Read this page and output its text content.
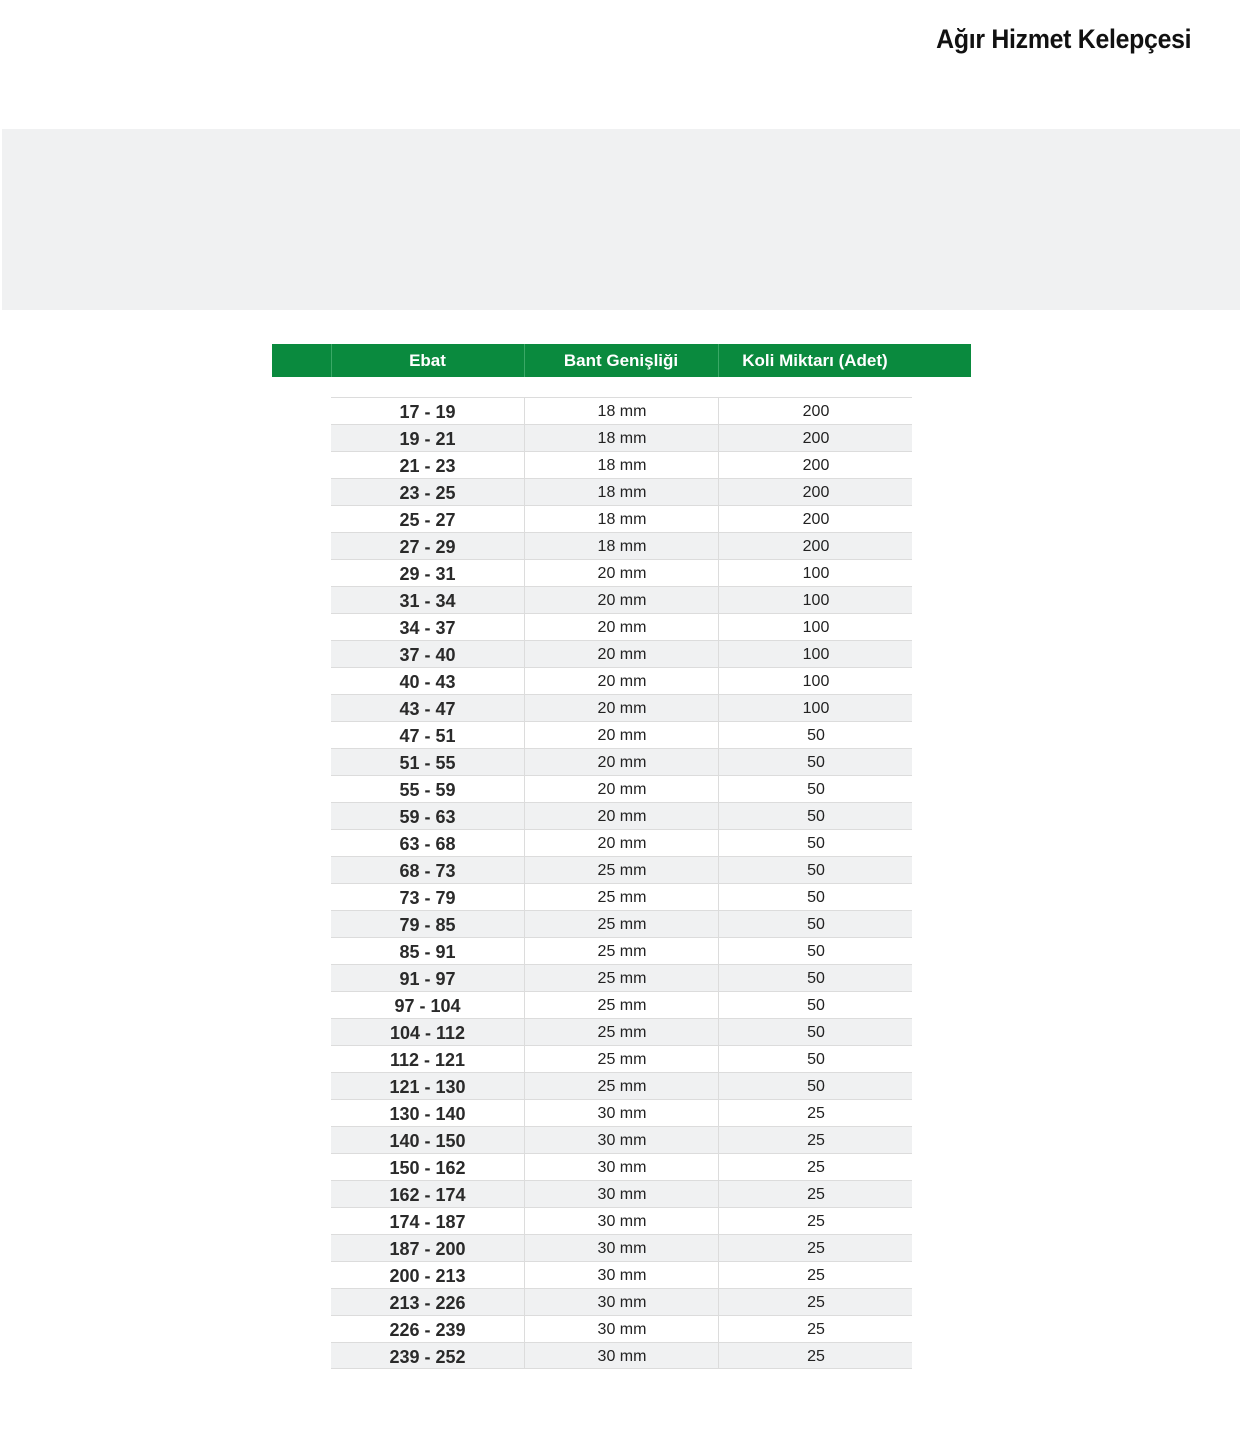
Ağır Hizmet Kelepçesi
Ebat	Bant Genişliği	Koli Miktarı (Adet)
17 - 19	18 mm	200
19 - 21	18 mm	200
21 - 23	18 mm	200
23 - 25	18 mm	200
25 - 27	18 mm	200
27 - 29	18 mm	200
29 - 31	20 mm	100
31 - 34	20 mm	100
34 - 37	20 mm	100
37 - 40	20 mm	100
40 - 43	20 mm	100
43 - 47	20 mm	100
47 - 51	20 mm	50
51 - 55	20 mm	50
55 - 59	20 mm	50
59 - 63	20 mm	50
63 - 68	20 mm	50
68 - 73	25 mm	50
73 - 79	25 mm	50
79 - 85	25 mm	50
85 - 91	25 mm	50
91 - 97	25 mm	50
97 - 104	25 mm	50
104 - 112	25 mm	50
112 - 121	25 mm	50
121 - 130	25 mm	50
130 - 140	30 mm	25
140 - 150	30 mm	25
150 - 162	30 mm	25
162 - 174	30 mm	25
174 - 187	30 mm	25
187 - 200	30 mm	25
200 - 213	30 mm	25
213 - 226	30 mm	25
226 - 239	30 mm	25
239 - 252	30 mm	25
